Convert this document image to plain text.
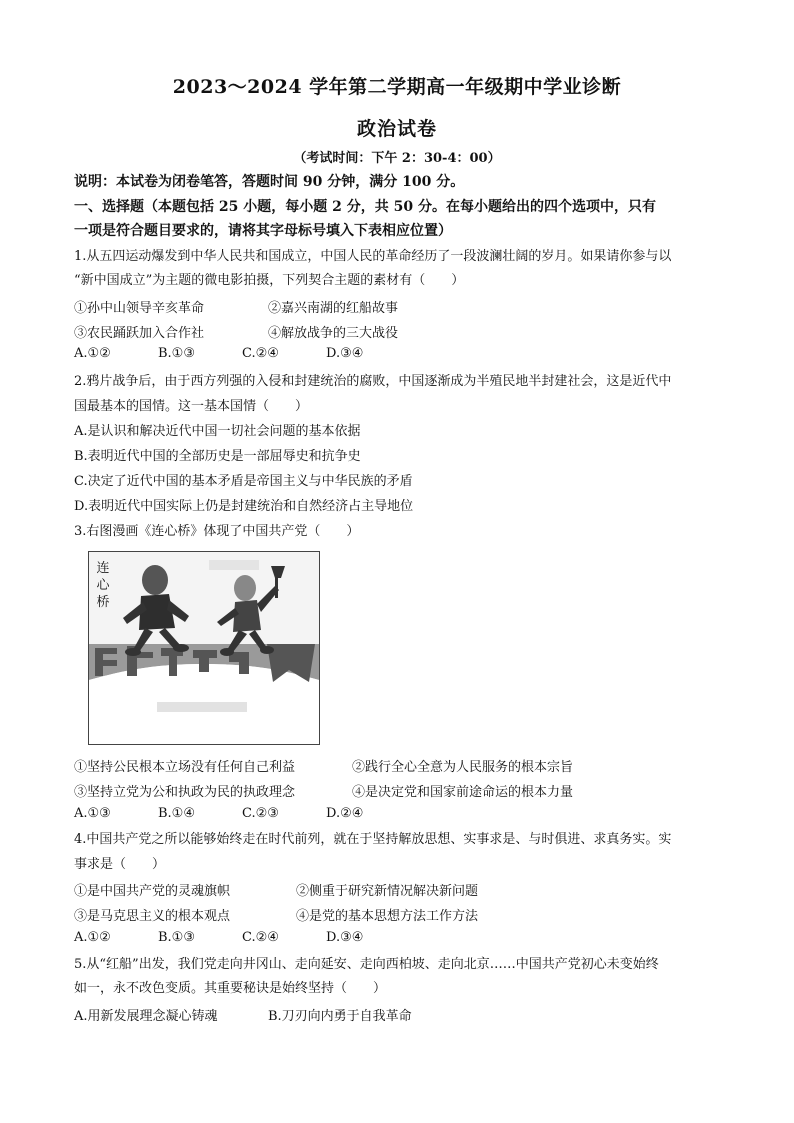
2023～2024 学年第二学期高一年级期中学业诊断
政治试卷
（考试时间：下午 2：30-4：00）
说明：本试卷为闭卷笔答，答题时间 90 分钟，满分 100 分。
一、选择题（本题包括 25 小题，每小题 2 分，共 50 分。在每小题给出的四个选项中，只有
一项是符合题目要求的，请将其字母标号填入下表相应位置）
1.从五四运动爆发到中华人民共和国成立，中国人民的革命经历了一段波澜壮阔的岁月。如果请你参与以
“新中国成立”为主题的微电影拍摄，下列契合主题的素材有（　　）
①孙中山领导辛亥革命	②嘉兴南湖的红船故事
③农民踊跃加入合作社	④解放战争的三大战役
A.①②	B.①③	C.②④	D.③④
2.鸦片战争后，由于西方列强的入侵和封建统治的腐败，中国逐渐成为半殖民地半封建社会，这是近代中
国最基本的国情。这一基本国情（　　）
A.是认识和解决近代中国一切社会问题的基本依据
B.表明近代中国的全部历史是一部屈辱史和抗争史
C.决定了近代中国的基本矛盾是帝国主义与中华民族的矛盾
D.表明近代中国实际上仍是封建统治和自然经济占主导地位
3.右图漫画《连心桥》体现了中国共产党（　　）
连心桥
①坚持公民根本立场没有任何自己利益	②践行全心全意为人民服务的根本宗旨
③坚持立党为公和执政为民的执政理念	④是决定党和国家前途命运的根本力量
A.①③	B.①④	C.②③	D.②④
4.中国共产党之所以能够始终走在时代前列，就在于坚持解放思想、实事求是、与时俱进、求真务实。实
事求是（　　）
①是中国共产党的灵魂旗帜	②侧重于研究新情况解决新问题
③是马克思主义的根本观点	④是党的基本思想方法工作方法
A.①②	B.①③	C.②④	D.③④
5.从“红船”出发，我们党走向井冈山、走向延安、走向西柏坡、走向北京……中国共产党初心未变始终
如一，永不改色变质。其重要秘诀是始终坚持（　　）
A.用新发展理念凝心铸魂	B.刀刃向内勇于自我革命
